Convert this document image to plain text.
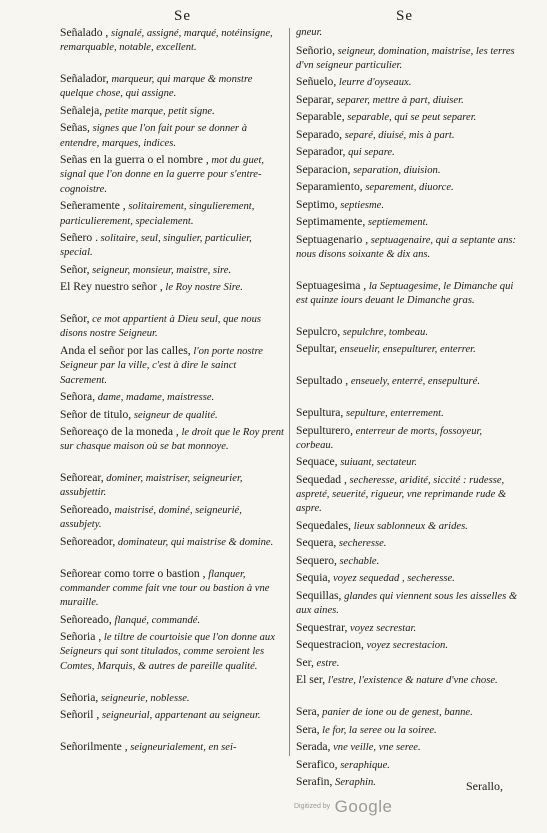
Se	Se

Señalado , signalé, assigné, marqué, notéinsigne, remarquable, notable, excellent.

Señalador, marqueur, qui marque & monstre quelque chose, qui assigne.

Señaleja, petite marque, petit signe.

Señas, signes que l'on fait pour se donner à entendre, marques, indices.

Señas en la guerra o el nombre , mot du guet, signal que l'on donne en la guerre pour s'entre-cognoistre.

Señeramente , solitairement, singulierement, particulierement, specialement.

Señero . solitaire, seul, singulier, particulier, special.

Señor, seigneur, monsieur, maistre, sire.

El Rey nuestro señor , le Roy nostre Sire.

Señor, ce mot appartient à Dieu seul, que nous disons nostre Seigneur.

Anda el señor por las calles, l'on porte nostre Seigneur par la ville, c'est à dire le sainct Sacrement.

Señora, dame, madame, maistresse.

Señor de titulo, seigneur de qualité.

Señoreaço de la moneda , le droit que le Roy prent sur chasque maison où se bat monnoye.

Señorear, dominer, maistriser, seigneurier, assubjettir.

Señoreado, maistrisé, dominé, seigneurié, assubjety.

Señoreador, dominateur, qui maistrise & domine.

Señorear como torre o bastion , flanquer, commander comme fait vne tour ou bastion à vne muraille.

Señoreado, flanqué, commandé.

Señoria , le tiltre de courtoisie que l'on donne aux Seigneurs qui sont titulados, comme seroient les Comtes, Marquis, & autres de pareille qualité.

Señoria, seigneurie, noblesse.

Señoril , seigneurial, appartenant au seigneur.

Señorilmente , seigneurialement, en sei-

gneur.

Señorio, seigneur, domination, maistrise, les terres d'vn seigneur particulier.

Señuelo, leurre d'oyseaux.

Separar, separer, mettre à part, diuiser.

Separable, separable, qui se peut separer.

Separado, separé, diuisé, mis à part.

Separador, qui separe.

Separacion, separation, diuision.

Separamiento, separement, diuorce.

Septimo, septiesme.

Septimamente, septiemement.

Septuagenario , septuagenaire, qui a septante ans: nous disons soixante & dix ans.

Septuagesima , la Septuagesime, le Dimanche qui est quinze iours deuant le Dimanche gras.

Sepulcro, sepulchre, tombeau.

Sepultar, enseuelir, ensepulturer, enterrer.

Sepultado , enseuely, enterré, ensepulturé.

Sepultura, sepulture, enterrement.

Sepulturero, enterreur de morts, fossoyeur, corbeau.

Sequace, suiuant, sectateur.

Sequedad , secheresse, aridité, siccité : rudesse, aspreté, seuerité, rigueur, vne reprimande rude & aspre.

Sequedales, lieux sablonneux & arides.

Sequera, secheresse.

Sequero, sechable.

Sequia, voyez sequedad , secheresse.

Sequillas, glandes qui viennent sous les aisselles & aux aines.

Sequestrar, voyez secrestar.

Sequestracion, voyez secrestacion.

Ser, estre.

El ser, l'estre, l'existence & nature d'vne chose.

Sera, panier de ione ou de genest, banne.

Sera, le for, la seree ou la soiree.

Serada, vne veille, vne seree.

Serafico, seraphique.

Serafin, Seraphin.	Serallo,
$^{Digitized by}$ Google
